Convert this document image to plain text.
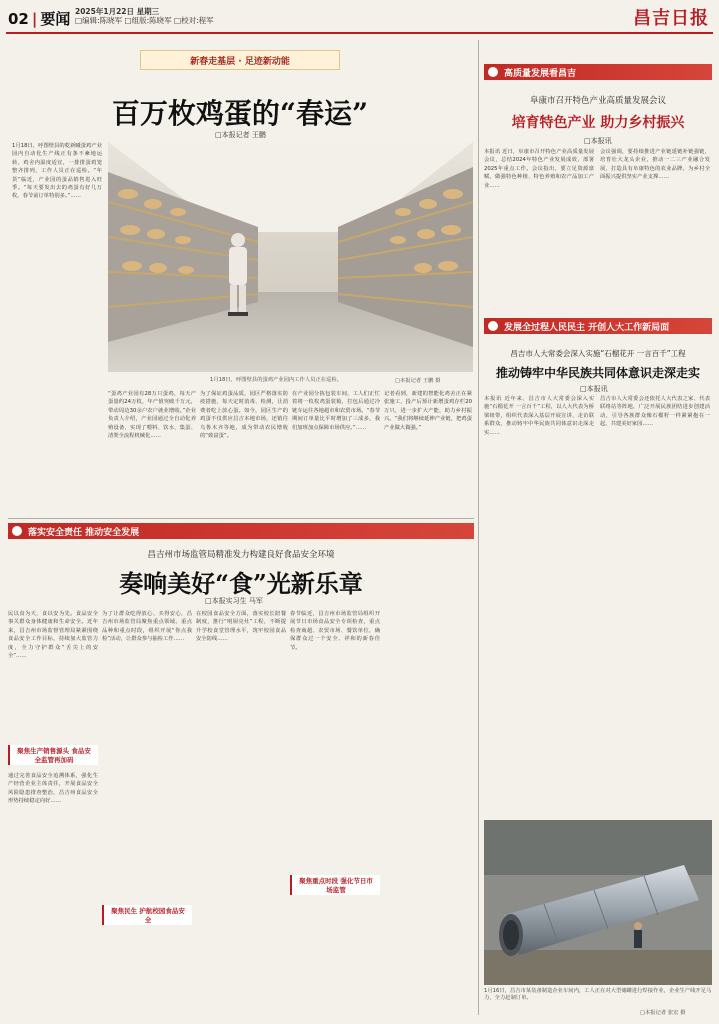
02 | 要闻 2025年1月22日 星期三
□编辑:陈晓军 □组版:陈晓军 □校对:程军	昌吉日报
新春走基层 · 足迹新动能
百万枚鸡蛋的“春运”
□本报记者 王鹏
1月18日，呼图壁县的乾新曦蛋鸡产业园内自动化生产线正有条不紊地运转，鸡舍内温度适宜，一排排蛋鸡笼整齐排列，工作人员正在巡检。“年货”临近，产业园的蛋品销售进入旺季。“每天要发出去的鸡蛋有好几万枚，春节前订单特别多。”……
1月18日，呼图壁县的蛋鸡产业园内工作人员正在巡检。
“蛋鸡产业园有28万只蛋鸡，每天产蛋量约24万枚，年产值突破千万元，带动周边30余户农户就业增收。”企业负责人介绍，产业园通过全自动化养殖设备，实现了喂料、饮水、集蛋、清粪全流程机械化……
为了保证鸡蛋品质，园区严格落实防疫措施，每天定时消毒、检测，让消费者吃上放心蛋。如今，园区生产的鸡蛋不仅供应昌吉本地市场，还销往乌鲁木齐等地，成为带动农民增收的“致富蛋”。
在产业园分拣包装车间，工人们正忙着将一枚枚鸡蛋装箱，打包后通过冷链车运往各地超市和农贸市场。“春节期间订单量比平时增加了三成多，我们加班加点保障市场供应。”……
记者看到，新建的智能化鸡舍正在紧张施工，投产后预计新增蛋鸡存栏20万只，进一步扩大产能，助力乡村振兴。“我们将继续延伸产业链，把鸡蛋产业做大做强。”
□本报记者 王鹏 摄
高质量发展看昌吉
阜康市召开特色产业高质量发展会议
培育特色产业 助力乡村振兴
□本报讯
本报讯 近日，阜康市召开特色产业高质量发展会议，总结2024年特色产业发展成效，部署2025年重点工作。会议指出，要立足资源禀赋，做强特色种植、特色养殖和农产品加工产业……
会议强调，要持续推进产业链延链补链强链，培育壮大龙头企业，推动一二三产业融合发展，打造具有阜康特色的农业品牌，为乡村全面振兴提供坚实产业支撑……
发展全过程人民民主 开创人大工作新局面
昌吉市人大常委会深入实施“石榴花开 一言百千”工程
推动铸牢中华民族共同体意识走深走实
□本报讯
本报讯 近年来，昌吉市人大常委会深入实施“石榴花开 一言百千”工程，以人大代表为桥梁纽带，组织代表深入基层开展宣讲、走访联系群众，推动铸牢中华民族共同体意识走深走实……
昌吉市人大常委会还依托人大代表之家、代表联络站等阵地，广泛开展民族团结进步创建活动，引导各族群众像石榴籽一样紧紧抱在一起，共建美好家园……
1月16日，昌吉市某装备制造企业车间内，工人正在对大型储罐进行焊接作业，企业生产线开足马力，全力赶制订单。
□本报记者 张宏 摄
落实安全责任 推动安全发展
昌吉州市场监管局精准发力构建良好食品安全环境
奏响美好“食”光新乐章
□本报实习生 马军
民以食为天，食以安为先。食品安全事关群众身体健康和生命安全。近年来，昌吉州市场监督管理局紧紧围绕食品安全工作目标，持续加大监管力度，全力守护群众“舌尖上的安全”……
聚焦生产销售源头 食品安全监管再加码
通过完善食品安全追溯体系，强化生产经营企业主体责任，开展食品安全风险隐患排查整治，昌吉州食品安全形势持续稳定向好……
为了让群众吃得放心、买得安心，昌吉州市场监管局聚焦重点领域、重点品种和重点时段，组织开展“你点我检”活动，让群众参与抽检工作……
聚焦民生 护航校园食品安全
在校园食品安全方面，落实校长陪餐制度，推行“明厨亮灶”工程，不断提升学校食堂管理水平，筑牢校园食品安全防线……
春节临近，昌吉州市场监管局组织开展节日市场食品安全专项检查，重点检查商超、农贸市场、餐饮单位，确保群众过一个安全、祥和的新春佳节。
聚焦重点时段 强化节日市场监管
